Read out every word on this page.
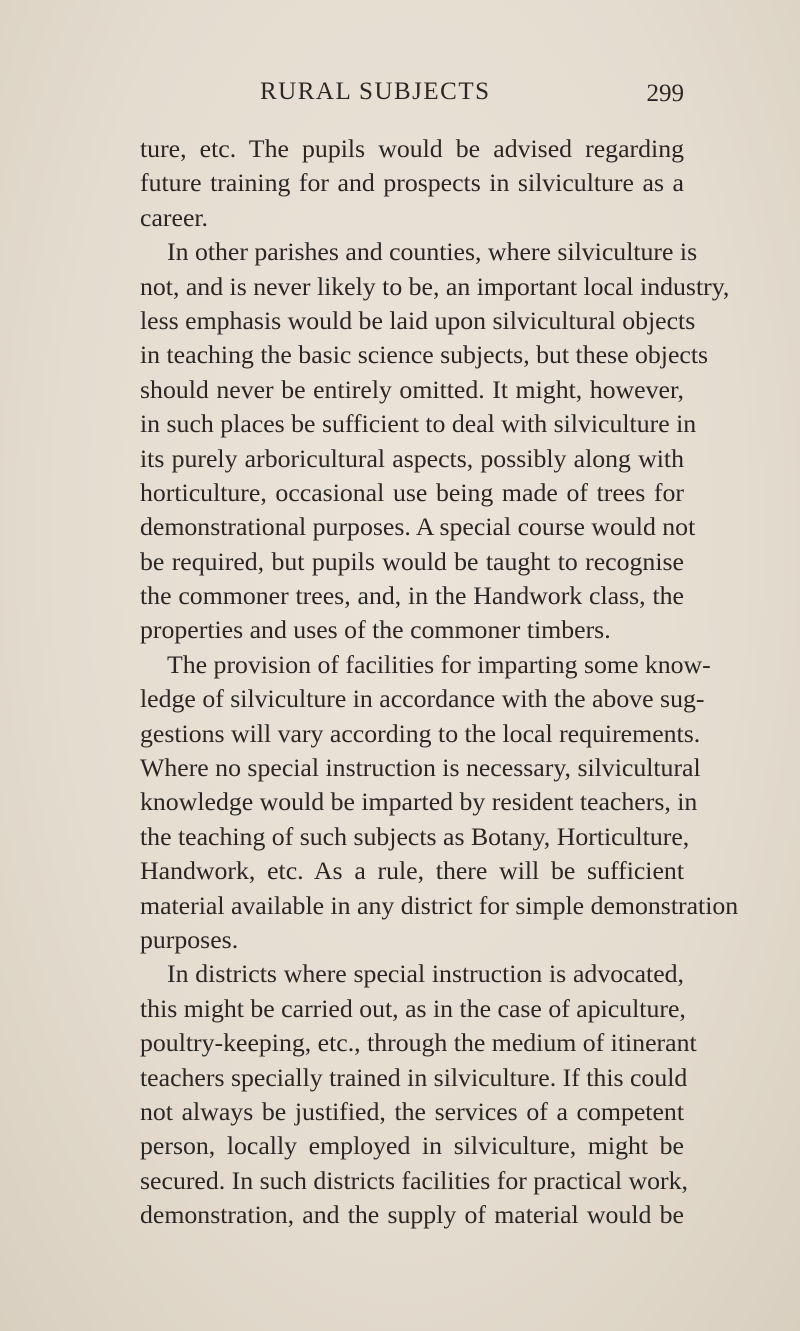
RURAL SUBJECTS	299
ture, etc. The pupils would be advised regarding
future training for and prospects in silviculture as a
career.
In other parishes and counties, where silviculture is
not, and is never likely to be, an important local industry,
less emphasis would be laid upon silvicultural objects
in teaching the basic science subjects, but these objects
should never be entirely omitted. It might, however,
in such places be sufficient to deal with silviculture in
its purely arboricultural aspects, possibly along with
horticulture, occasional use being made of trees for
demonstrational purposes. A special course would not
be required, but pupils would be taught to recognise
the commoner trees, and, in the Handwork class, the
properties and uses of the commoner timbers.
The provision of facilities for imparting some know-
ledge of silviculture in accordance with the above sug-
gestions will vary according to the local requirements.
Where no special instruction is necessary, silvicultural
knowledge would be imparted by resident teachers, in
the teaching of such subjects as Botany, Horticulture,
Handwork, etc. As a rule, there will be sufficient
material available in any district for simple demonstration
purposes.
In districts where special instruction is advocated,
this might be carried out, as in the case of apiculture,
poultry-keeping, etc., through the medium of itinerant
teachers specially trained in silviculture. If this could
not always be justified, the services of a competent
person, locally employed in silviculture, might be
secured. In such districts facilities for practical work,
demonstration, and the supply of material would be
